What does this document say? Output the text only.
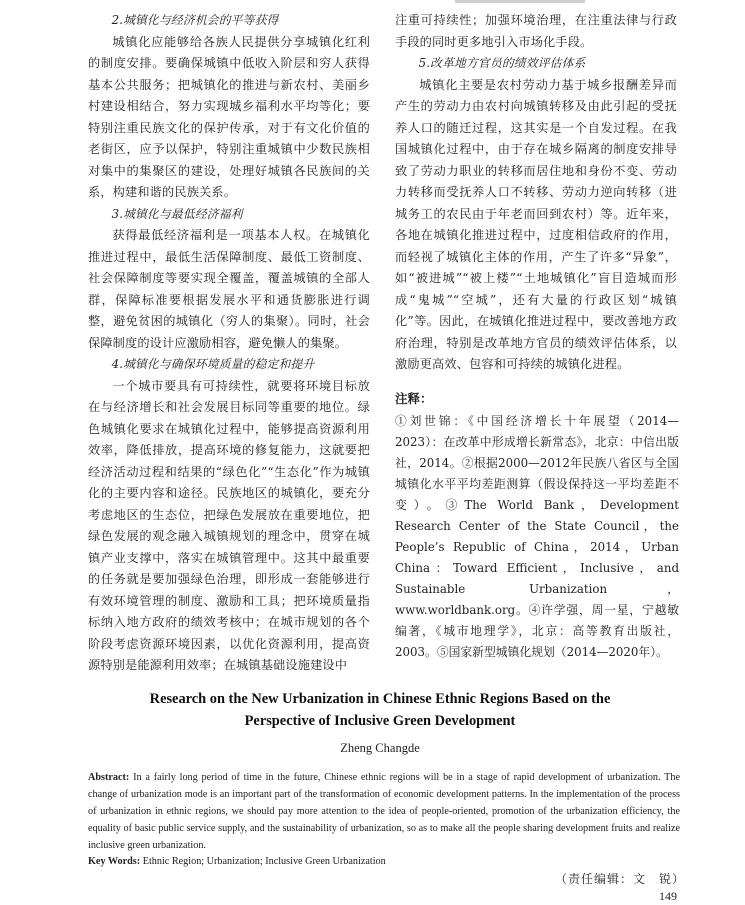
2.城镇化与经济机会的平等获得

城镇化应能够给各族人民提供分享城镇化红利的制度安排。要确保城镇中低收入阶层和穷人获得基本公共服务；把城镇化的推进与新农村、美丽乡村建设相结合，努力实现城乡福利水平均等化；要特别注重民族文化的保护传承，对于有文化价值的老街区，应予以保护，特别注重城镇中少数民族相对集中的集聚区的建设，处理好城镇各民族间的关系，构建和谐的民族关系。

3.城镇化与最低经济福利

获得最低经济福利是一项基本人权。在城镇化推进过程中，最低生活保障制度、最低工资制度、社会保障制度等要实现全覆盖，覆盖城镇的全部人群，保障标准要根据发展水平和通货膨胀进行调整，避免贫困的城镇化（穷人的集聚）。同时，社会保障制度的设计应激励相容，避免懒人的集聚。

4.城镇化与确保环境质量的稳定和提升

一个城市要具有可持续性，就要将环境目标放在与经济增长和社会发展目标同等重要的地位。绿色城镇化要求在城镇化过程中，能够提高资源利用效率，降低排放，提高环境的修复能力，这就要把经济活动过程和结果的“绿色化”“生态化”作为城镇化的主要内容和途径。民族地区的城镇化，要充分考虑地区的生态位，把绿色发展放在重要地位，把绿色发展的观念融入城镇规划的理念中，贯穿在城镇产业支撑中，落实在城镇管理中。这其中最重要的任务就是要加强绿色治理，即形成一套能够进行有效环境管理的制度、激励和工具；把环境质量指标纳入地方政府的绩效考核中；在城市规划的各个阶段考虑资源环境因素，以优化资源利用，提高资源特别是能源利用效率；在城镇基础设施建设中

注重可持续性；加强环境治理，在注重法律与行政手段的同时更多地引入市场化手段。

5.改革地方官员的绩效评估体系

城镇化主要是农村劳动力基于城乡报酬差异而产生的劳动力由农村向城镇转移及由此引起的受抚养人口的随迁过程，这其实是一个自发过程。在我国城镇化过程中，由于存在城乡隔离的制度安排导致了劳动力职业的转移而居住地和身份不变、劳动力转移而受抚养人口不转移、劳动力逆向转移（进城务工的农民由于年老而回到农村）等。近年来，各地在城镇化推进过程中，过度相信政府的作用，而轻视了城镇化主体的作用，产生了许多“异象”，如“被进城”“被上楼”“土地城镇化”盲目造城而形成“鬼城”“空城”，还有大量的行政区划“城镇化”等。因此，在城镇化推进过程中，要改善地方政府治理，特别是改革地方官员的绩效评估体系，以激励更高效、包容和可持续的城镇化进程。

注释：
①刘世锦：《中国经济增长十年展望（2014—2023）：在改革中形成增长新常态》，北京：中信出版社，2014。②根据2000—2012年民族八省区与全国城镇化水平平均差距测算（假设保持这一平均差距不变）。③The World Bank，Development Research Center of the State Council，the People’s Republic of China，2014，Urban China：Toward Efficient，Inclusive，and Sustainable Urbanization，www.worldbank.org。④许学强，周一星，宁越敏编著，《城市地理学》，北京：高等教育出版社，2003。⑤国家新型城镇化规划（2014—2020年）。
Research on the New Urbanization in Chinese Ethnic Regions Based on the
Perspective of Inclusive Green Development
Zheng Changde
Abstract: In a fairly long period of time in the future, Chinese ethnic regions will be in a stage of rapid development of urbanization. The change of urbanization mode is an important part of the transformation of economic development patterns. In the implementation of the process of urbanization in ethnic regions, we should pay more attention to the idea of people-oriented, promotion of the urbanization efficiency, the equality of basic public service supply, and the sustainability of urbanization, so as to make all the people sharing development fruits and realize inclusive green urbanization.
Key Words: Ethnic Region; Urbanization; Inclusive Green Urbanization
（责任编辑：文　锐）
149
